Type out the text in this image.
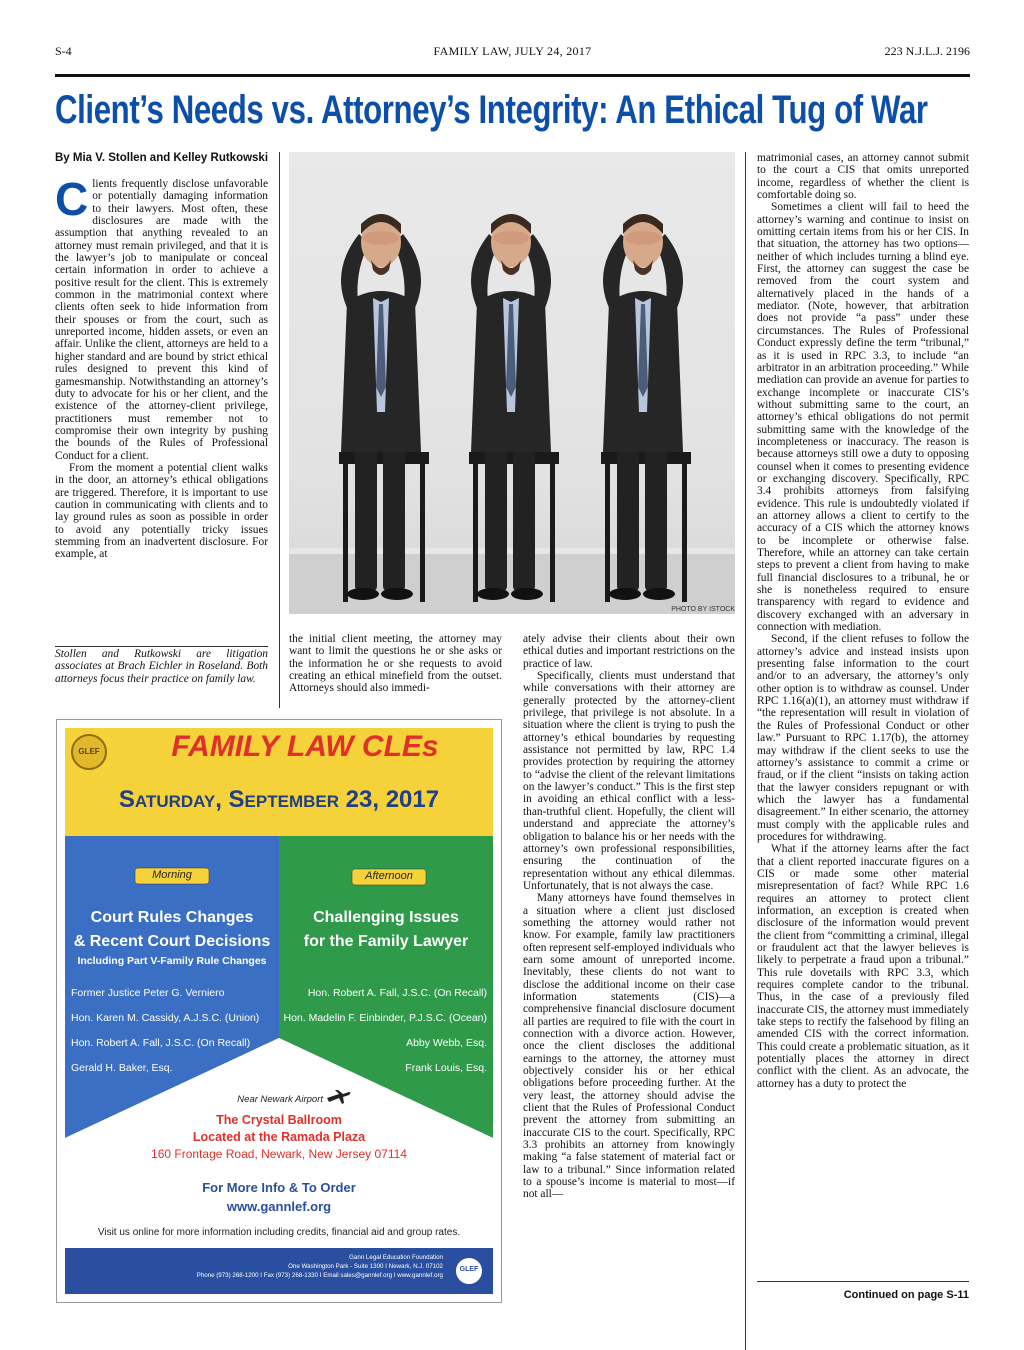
S-4	FAMILY LAW, JULY 24, 2017	223 N.J.L.J. 2196
Client’s Needs vs. Attorney’s Integrity: An Ethical Tug of War
By Mia V. Stollen and Kelley Rutkowski

Clients frequently disclose unfavorable or potentially damaging information to their lawyers. Most often, these disclosures are made with the assumption that anything revealed to an attorney must remain privileged, and that it is the lawyer’s job to manipulate or conceal certain information in order to achieve a positive result for the client. This is extremely common in the matrimonial context where clients often seek to hide information from their spouses or from the court, such as unreported income, hidden assets, or even an affair. Unlike the client, attorneys are held to a higher standard and are bound by strict ethical rules designed to prevent this kind of gamesmanship. Notwithstanding an attorney’s duty to advocate for his or her client, and the existence of the attorney-client privilege, practitioners must remember not to compromise their own integrity by pushing the bounds of the Rules of Professional Conduct for a client.

From the moment a potential client walks in the door, an attorney’s ethical obligations are triggered. Therefore, it is important to use caution in communicating with clients and to lay ground rules as soon as possible in order to avoid any potentially tricky issues stemming from an inadvertent disclosure. For example, at

Stollen and Rutkowski are litigation associates at Brach Eichler in Roseland. Both attorneys focus their practice on family law.
PHOTO BY ISTOCK

the initial client meeting, the attorney may want to limit the questions he or she asks or the information he or she requests to avoid creating an ethical minefield from the outset. Attorneys should also immedi-

ately advise their clients about their own ethical duties and important restrictions on the practice of law.

Specifically, clients must understand that while conversations with their attorney are generally protected by the attorney-client privilege, that privilege is not absolute. In a situation where the client is trying to push the attorney’s ethical boundaries by requesting assistance not permitted by law, RPC 1.4 provides protection by requiring the attorney to “advise the client of the relevant limitations on the lawyer’s conduct.” This is the first step in avoiding an ethical conflict with a less-than-truthful client. Hopefully, the client will understand and appreciate the attorney’s obligation to balance his or her needs with the attorney’s own professional responsibilities, ensuring the continuation of the representation without any ethical dilemmas. Unfortunately, that is not always the case.

Many attorneys have found themselves in a situation where a client just disclosed something the attorney would rather not know. For example, family law practitioners often represent self-employed individuals who earn some amount of unreported income. Inevitably, these clients do not want to disclose the additional income on their case information statements (CIS)—a comprehensive financial disclosure document all parties are required to file with the court in connection with a divorce action. However, once the client discloses the additional earnings to the attorney, the attorney must objectively consider his or her ethical obligations before proceeding further. At the very least, the attorney should advise the client that the Rules of Professional Conduct prevent the attorney from submitting an inaccurate CIS to the court. Specifically, RPC 3.3 prohibits an attorney from knowingly making “a false statement of material fact or law to a tribunal.” Since information related to a spouse’s income is material to most—if not all—

matrimonial cases, an attorney cannot submit to the court a CIS that omits unreported income, regardless of whether the client is comfortable doing so.

Sometimes a client will fail to heed the attorney’s warning and continue to insist on omitting certain items from his or her CIS. In that situation, the attorney has two options—neither of which includes turning a blind eye. First, the attorney can suggest the case be removed from the court system and alternatively placed in the hands of a mediator. (Note, however, that arbitration does not provide “a pass” under these circumstances. The Rules of Professional Conduct expressly define the term “tribunal,” as it is used in RPC 3.3, to include “an arbitrator in an arbitration proceeding.” While mediation can provide an avenue for parties to exchange incomplete or inaccurate CIS’s without submitting same to the court, an attorney’s ethical obligations do not permit submitting same with the knowledge of the incompleteness or inaccuracy. The reason is because attorneys still owe a duty to opposing counsel when it comes to presenting evidence or exchanging discovery. Specifically, RPC 3.4 prohibits attorneys from falsifying evidence. This rule is undoubtedly violated if an attorney allows a client to certify to the accuracy of a CIS which the attorney knows to be incomplete or otherwise false. Therefore, while an attorney can take certain steps to prevent a client from having to make full financial disclosures to a tribunal, he or she is nonetheless required to ensure transparency with regard to evidence and discovery exchanged with an adversary in connection with mediation.

Second, if the client refuses to follow the attorney’s advice and instead insists upon presenting false information to the court and/or to an adversary, the attorney’s only other option is to withdraw as counsel. Under RPC 1.16(a)(1), an attorney must withdraw if “the representation will result in violation of the Rules of Professional Conduct or other law.” Pursuant to RPC 1.17(b), the attorney may withdraw if the client seeks to use the attorney’s assistance to commit a crime or fraud, or if the client “insists on taking action that the lawyer considers repugnant or with which the lawyer has a fundamental disagreement.” In either scenario, the attorney must comply with the applicable rules and procedures for withdrawing.

What if the attorney learns after the fact that a client reported inaccurate figures on a CIS or made some other material misrepresentation of fact? While RPC 1.6 requires an attorney to protect client information, an exception is created when disclosure of the information would prevent the client from “committing a criminal, illegal or fraudulent act that the lawyer believes is likely to perpetrate a fraud upon a tribunal.” This rule dovetails with RPC 3.3, which requires complete candor to the tribunal. Thus, in the case of a previously filed inaccurate CIS, the attorney must immediately take steps to rectify the falsehood by filing an amended CIS with the correct information. This could create a problematic situation, as it potentially places the attorney in direct conflict with the client. As an advocate, the attorney has a duty to protect the

Continued on page S-11
GLEF	FAMILY LAW CLEs
Saturday, September 23, 2017
Morning	Afternoon
Court Rules Changes
& Recent Court Decisions
Including Part V-Family Rule Changes
Former Justice Peter G. Verniero
Hon. Karen M. Cassidy, A.J.S.C. (Union)
Hon. Robert A. Fall, J.S.C. (On Recall)
Gerald H. Baker, Esq.
Challenging Issues
for the Family Lawyer
Hon. Robert A. Fall, J.S.C. (On Recall)
Hon. Madelin F. Einbinder, P.J.S.C. (Ocean)
Abby Webb, Esq.
Frank Louis, Esq.
Near Newark Airport
The Crystal Ballroom
Located at the Ramada Plaza
160 Frontage Road, Newark, New Jersey 07114
For More Info & To Order
www.gannlef.org
Visit us online for more information including credits, financial aid and group rates.
Gann Legal Education Foundation
One Washington Park - Suite 1300 I Newark, N.J. 07102
Phone (973) 268-1200 I Fax (973) 268-1330 I Email sales@gannlef.org I www.gannlef.org
GLEF
